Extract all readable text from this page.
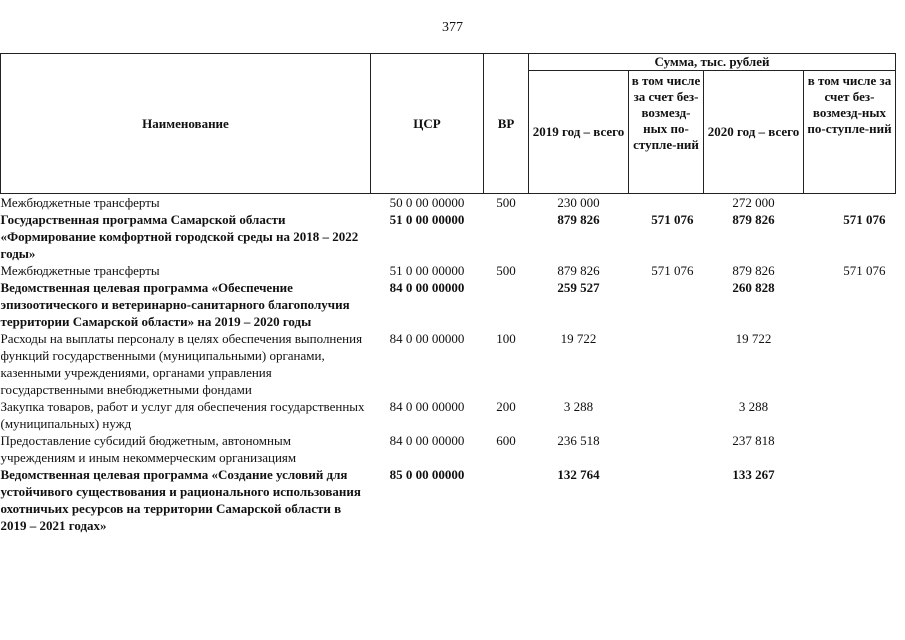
377
Наименование	ЦСР	ВР	Сумма, тыс. рублей			
			2019 год – всего	в том числе за счет без-возмезд-ных по-ступле-ний	2020 год – всего	в том числе за счет без-возмезд-ных по-ступле-ний
Межбюджетные трансферты	50 0 00 00000	500	230 000		272 000	
Государственная программа Самарской области «Формирование комфортной городской среды на 2018 – 2022 годы»	51 0 00 00000		879 826	571 076	879 826	571 076
Межбюджетные трансферты	51 0 00 00000	500	879 826	571 076	879 826	571 076
Ведомственная целевая программа «Обеспечение эпизоотического и ветеринарно-санитарного благополучия территории Самарской области» на 2019 – 2020 годы	84 0 00 00000		259 527		260 828	
Расходы на выплаты персоналу в целях обеспечения выполнения функций государственными (муниципальными) органами, казенными учреждениями, органами управления государственными внебюджетными фондами	84 0 00 00000	100	19 722		19 722	
Закупка товаров, работ и услуг для обеспечения государственных (муниципальных) нужд	84 0 00 00000	200	3 288		3 288	
Предоставление субсидий бюджетным, автономным учреждениям и иным некоммерческим организациям	84 0 00 00000	600	236 518		237 818	
Ведомственная целевая программа «Создание условий для устойчивого существования и рационального использования охотничьих ресурсов на территории Самарской области в 2019 – 2021 годах»	85 0 00 00000		132 764		133 267	
